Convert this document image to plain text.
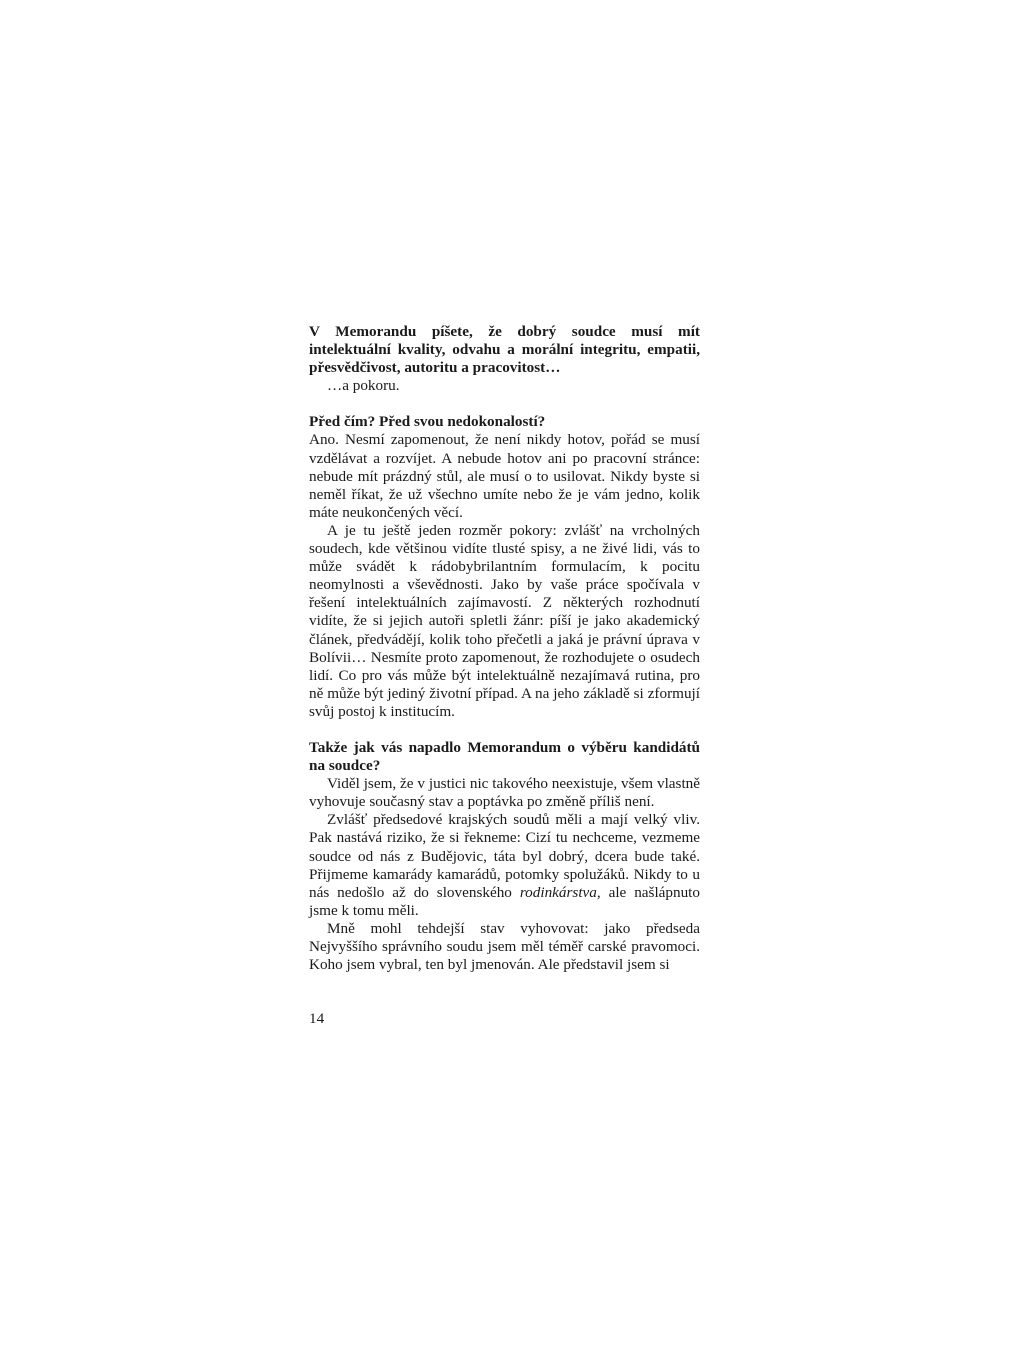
V Memorandu píšete, že dobrý soudce musí mít intelektuální kvality, odvahu a morální integritu, empatii, přesvědčivost, autoritu a pracovitost…

…a pokoru.

Před čím? Před svou nedokonalostí?

Ano. Nesmí zapomenout, že není nikdy hotov, pořád se musí vzdělávat a rozvíjet. A nebude hotov ani po pracovní stránce: nebude mít prázdný stůl, ale musí o to usilovat. Nikdy byste si neměl říkat, že už všechno umíte nebo že je vám jedno, kolik máte neukončených věcí.

A je tu ještě jeden rozměr pokory: zvlášť na vrcholných soudech, kde většinou vidíte tlusté spisy, a ne živé lidi, vás to může svádět k rádobybrilantním formulacím, k pocitu neomylnosti a vševědnosti. Jako by vaše práce spočívala v řešení intelektuálních zajímavostí. Z některých rozhodnutí vidíte, že si jejich autoři spletli žánr: píší je jako akademický článek, předvádějí, kolik toho přečetli a jaká je právní úprava v Bolívii… Nesmíte proto zapomenout, že rozhodujete o osudech lidí. Co pro vás může být intelektuálně nezajímavá rutina, pro ně může být jediný životní případ. A na jeho základě si zformují svůj postoj k institucím.

Takže jak vás napadlo Memorandum o výběru kandidátů na soudce?

Viděl jsem, že v justici nic takového neexistuje, všem vlastně vyhovuje současný stav a poptávka po změně příliš není.

Zvlášť předsedové krajských soudů měli a mají velký vliv. Pak nastává riziko, že si řekneme: Cizí tu nechceme, vezmeme soudce od nás z Budějovic, táta byl dobrý, dcera bude také. Přijmeme kamarády kamarádů, potomky spolužáků. Nikdy to u nás nedošlo až do slovenského rodinkárstva, ale našlápnuto jsme k tomu měli.

Mně mohl tehdejší stav vyhovovat: jako předseda Nejvyššího správního soudu jsem měl téměř carské pravomoci. Koho jsem vybral, ten byl jmenován. Ale představil jsem si

14
